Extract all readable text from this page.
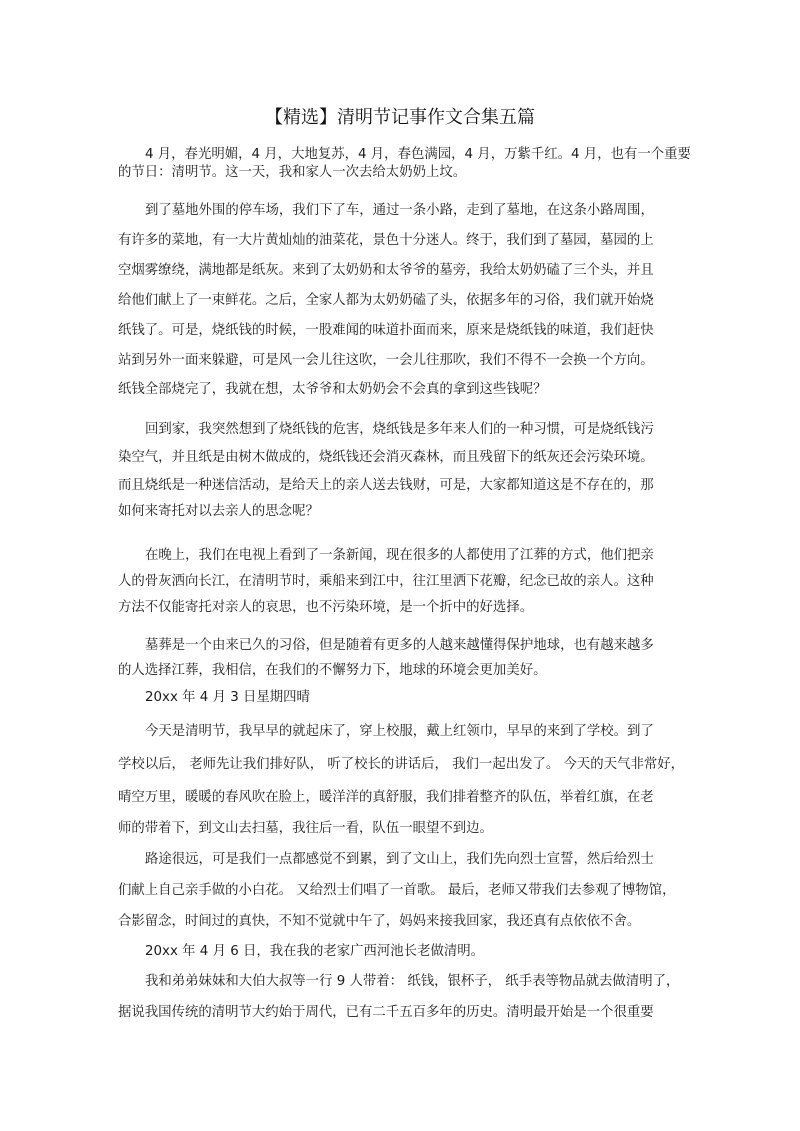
【精选】清明节记事作文合集五篇
4 月，春光明媚，4 月，大地复苏，4 月，春色满园，4 月，万紫千红。4 月，也有一个重要
的节日：清明节。这一天，我和家人一次去给太奶奶上坟。
到了墓地外围的停车场，我们下了车，通过一条小路，走到了墓地，在这条小路周围，
有许多的菜地，有一大片黄灿灿的油菜花，景色十分迷人。终于，我们到了墓园，墓园的上
空烟雾缭绕，满地都是纸灰。来到了太奶奶和太爷爷的墓旁，我给太奶奶磕了三个头，并且
给他们献上了一束鲜花。之后，全家人都为太奶奶磕了头，依据多年的习俗，我们就开始烧
纸钱了。可是，烧纸钱的时候，一股难闻的味道扑面而来，原来是烧纸钱的味道，我们赶快
站到另外一面来躲避，可是风一会儿往这吹，一会儿往那吹，我们不得不一会换一个方向。
纸钱全部烧完了，我就在想，太爷爷和太奶奶会不会真的拿到这些钱呢？
回到家，我突然想到了烧纸钱的危害，烧纸钱是多年来人们的一种习惯，可是烧纸钱污
染空气，并且纸是由树木做成的，烧纸钱还会消灭森林，而且残留下的纸灰还会污染环境。
而且烧纸是一种迷信活动，是给天上的亲人送去钱财，可是，大家都知道这是不存在的，那
如何来寄托对以去亲人的思念呢？
在晚上，我们在电视上看到了一条新闻，现在很多的人都使用了江葬的方式，他们把亲
人的骨灰洒向长江，在清明节时，乘船来到江中，往江里洒下花瓣，纪念已故的亲人。这种
方法不仅能寄托对亲人的哀思，也不污染环境，是一个折中的好选择。
墓葬是一个由来已久的习俗，但是随着有更多的人越来越懂得保护地球，也有越来越多
的人选择江葬，我相信，在我们的不懈努力下，地球的环境会更加美好。
20xx 年 4 月 3 日星期四晴
今天是清明节，我早早的就起床了，穿上校服，戴上红领巾，早早的来到了学校。到了
学校以后， 老师先让我们排好队， 听了校长的讲话后， 我们一起出发了。 今天的天气非常好，
晴空万里，暖暖的春风吹在脸上，暖洋洋的真舒服，我们排着整齐的队伍，举着红旗，在老
师的带着下，到文山去扫墓，我往后一看，队伍一眼望不到边。
路途很远，可是我们一点都感觉不到累，到了文山上，我们先向烈士宣誓，然后给烈士
们献上自己亲手做的小白花。 又给烈士们唱了一首歌。 最后，老师又带我们去参观了博物馆，
合影留念，时间过的真快，不知不觉就中午了，妈妈来接我回家，我还真有点依依不舍。
20xx 年 4 月 6 日，我在我的老家广西河池长老做清明。
我和弟弟妹妹和大伯大叔等一行 9 人带着： 纸钱，银杯子， 纸手表等物品就去做清明了，
据说我国传统的清明节大约始于周代，已有二千五百多年的历史。清明最开始是一个很重要
